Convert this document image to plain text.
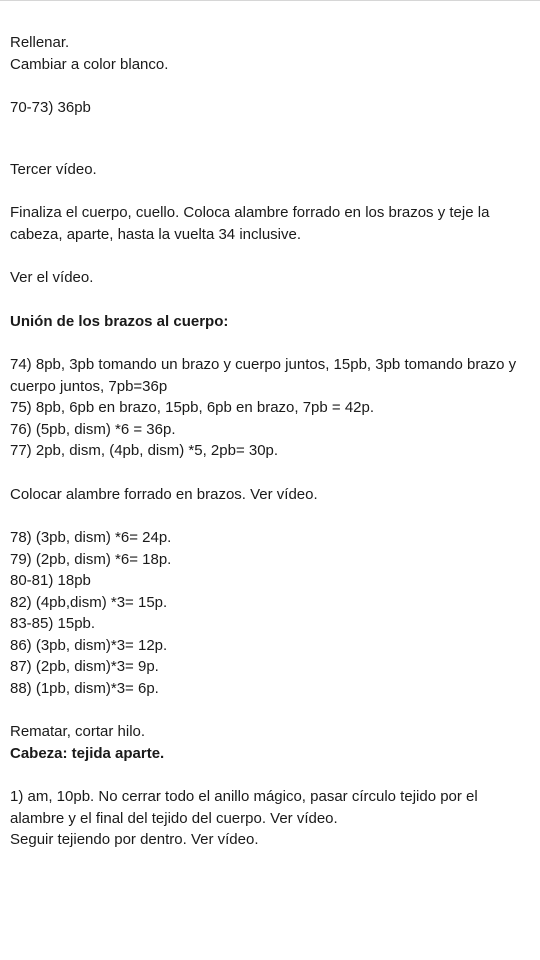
Rellenar.
Cambiar a color blanco.
70-73) 36pb
Tercer vídeo.
Finaliza el cuerpo, cuello. Coloca alambre forrado en los brazos y teje la cabeza, aparte, hasta la vuelta 34 inclusive.
Ver el vídeo.
Unión de los brazos al cuerpo:
74) 8pb, 3pb tomando un brazo y cuerpo juntos, 15pb, 3pb tomando brazo y cuerpo juntos, 7pb=36p
75) 8pb, 6pb en brazo, 15pb, 6pb en brazo, 7pb = 42p.
76) (5pb, dism) *6 = 36p.
77) 2pb, dism, (4pb, dism) *5, 2pb= 30p.
Colocar alambre forrado en brazos. Ver vídeo.
78) (3pb, dism) *6= 24p.
79) (2pb, dism) *6= 18p.
80-81) 18pb
82) (4pb,dism) *3= 15p.
83-85) 15pb.
86) (3pb, dism)*3= 12p.
87) (2pb, dism)*3= 9p.
88) (1pb, dism)*3= 6p.
Rematar, cortar hilo.
Cabeza: tejida aparte.
1) am, 10pb. No cerrar todo el anillo mágico, pasar círculo tejido por el alambre y el final del tejido del cuerpo. Ver vídeo.
Seguir tejiendo por dentro. Ver vídeo.
